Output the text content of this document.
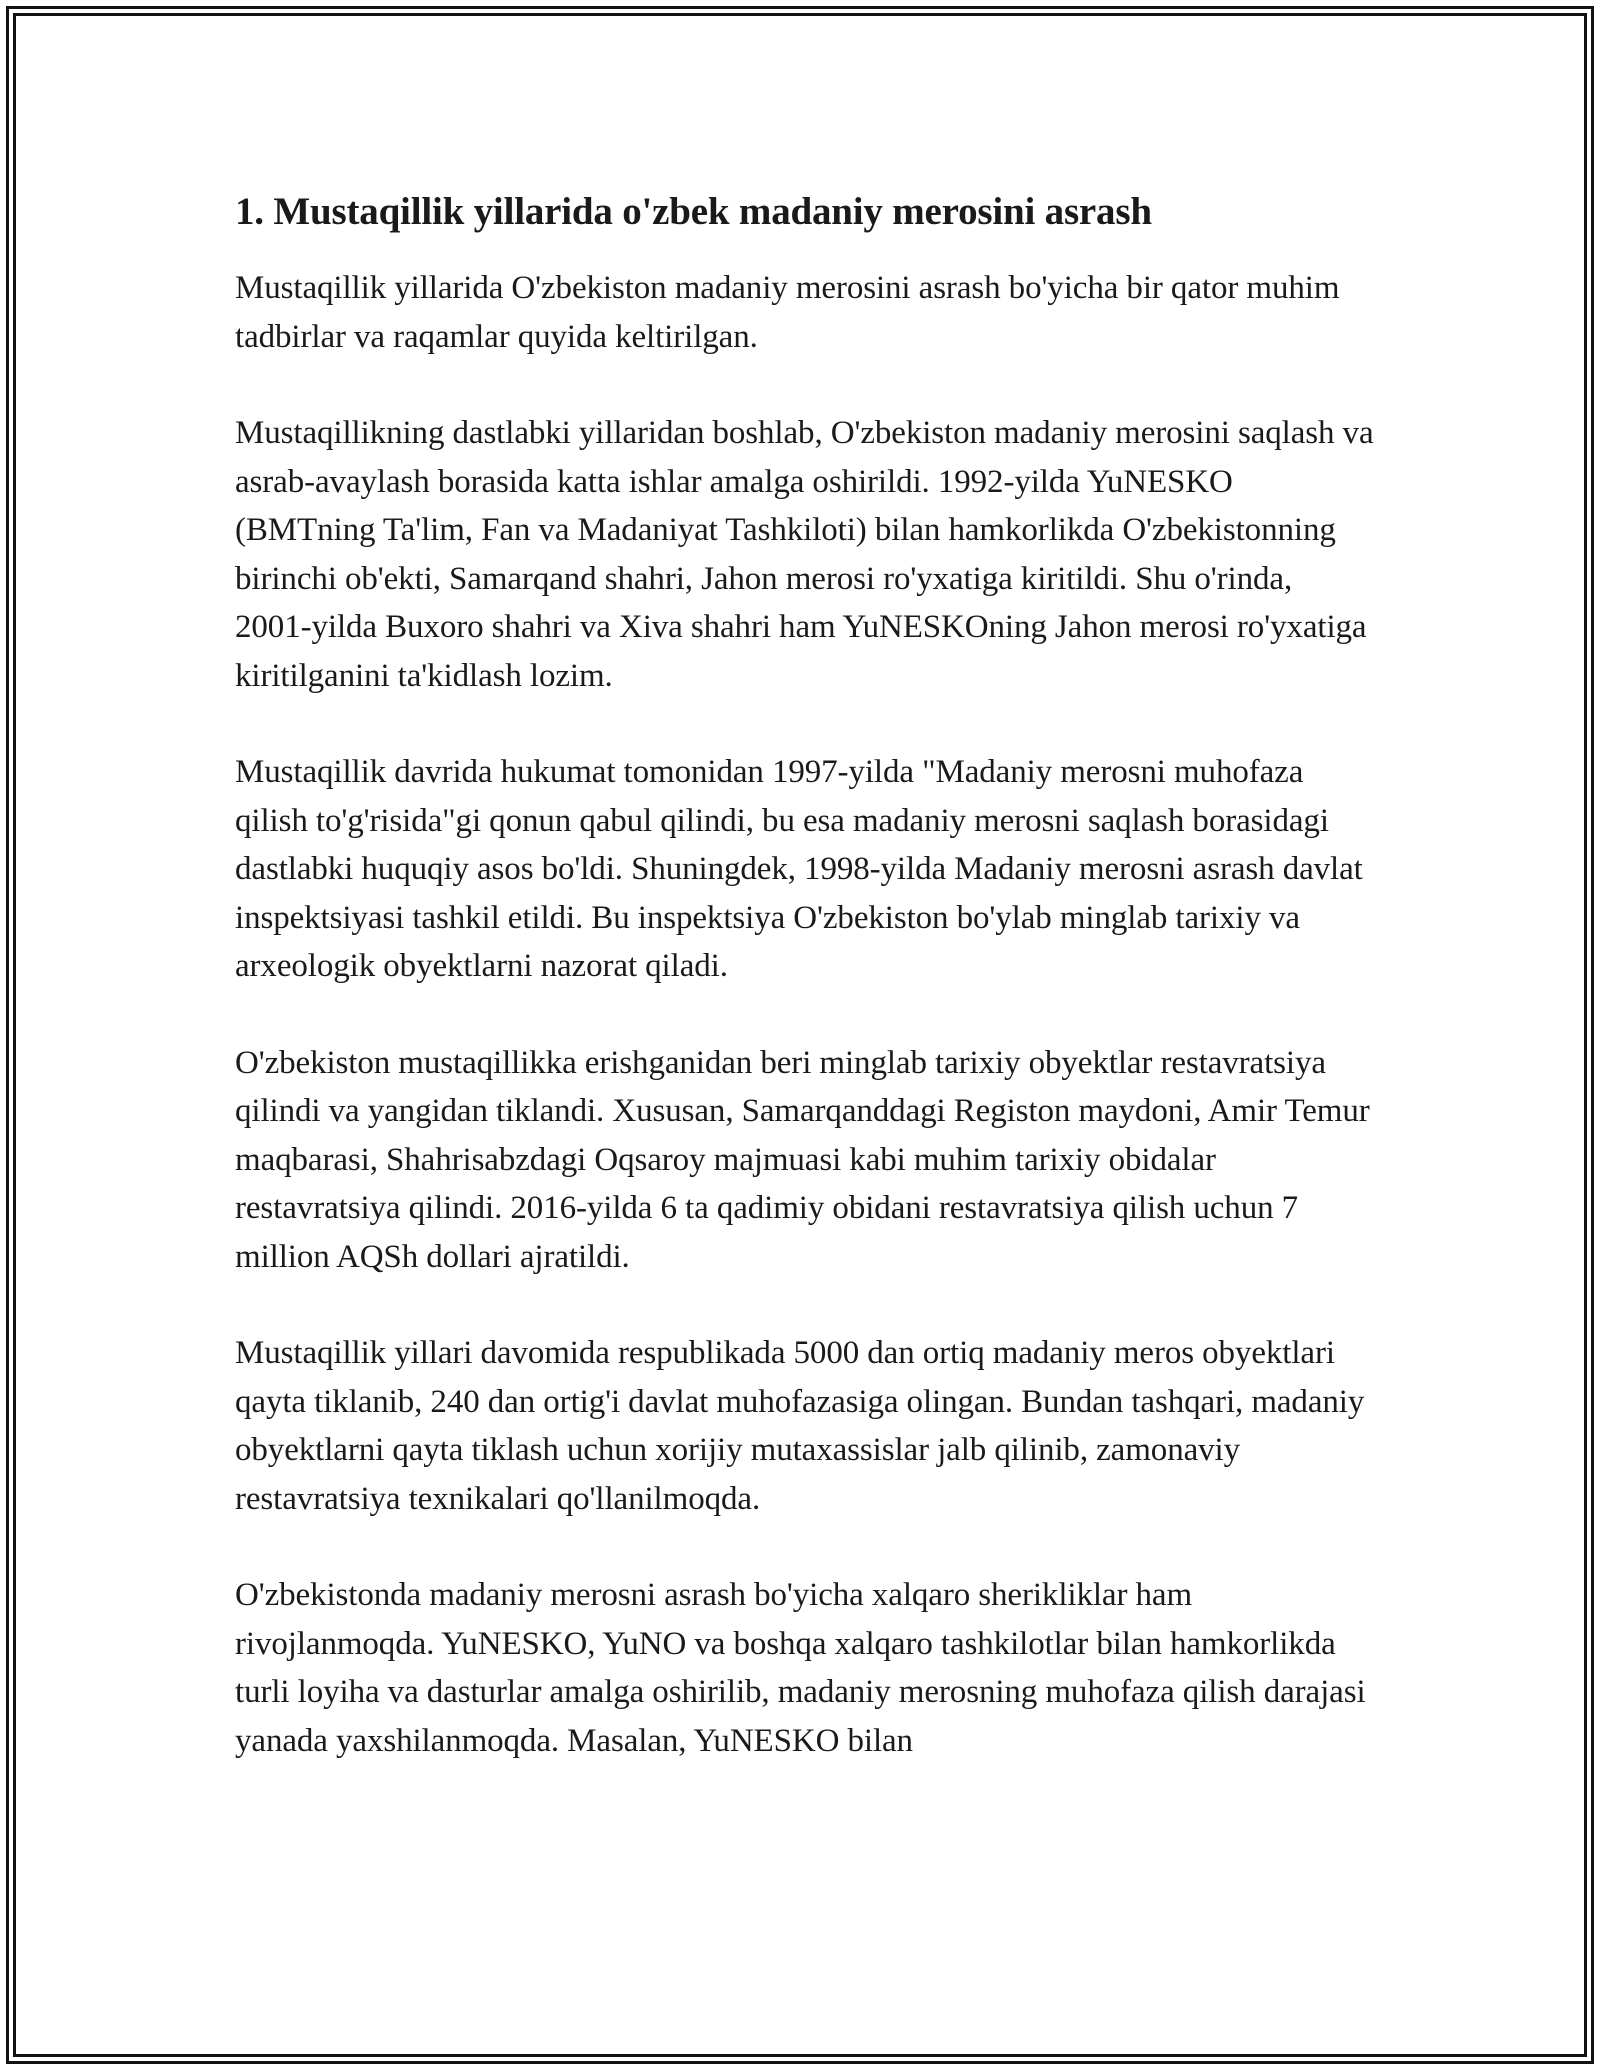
1. Mustaqillik yillarida o'zbek madaniy merosini asrash

Mustaqillik yillarida O'zbekiston madaniy merosini asrash bo'yicha bir qator muhim tadbirlar va raqamlar quyida keltirilgan.

Mustaqillikning dastlabki yillaridan boshlab, O'zbekiston madaniy merosini saqlash va asrab-avaylash borasida katta ishlar amalga oshirildi. 1992-yilda YuNESKO (BMTning Ta'lim, Fan va Madaniyat Tashkiloti) bilan hamkorlikda O'zbekistonning birinchi ob'ekti, Samarqand shahri, Jahon merosi ro'yxatiga kiritildi. Shu o'rinda, 2001-yilda Buxoro shahri va Xiva shahri ham YuNESKOning Jahon merosi ro'yxatiga kiritilganini ta'kidlash lozim.

Mustaqillik davrida hukumat tomonidan 1997-yilda "Madaniy merosni muhofaza qilish to'g'risida"gi qonun qabul qilindi, bu esa madaniy merosni saqlash borasidagi dastlabki huquqiy asos bo'ldi. Shuningdek, 1998-yilda Madaniy merosni asrash davlat inspektsiyasi tashkil etildi. Bu inspektsiya O'zbekiston bo'ylab minglab tarixiy va arxeologik obyektlarni nazorat qiladi.

O'zbekiston mustaqillikka erishganidan beri minglab tarixiy obyektlar restavratsiya qilindi va yangidan tiklandi. Xususan, Samarqanddagi Registon maydoni, Amir Temur maqbarasi, Shahrisabzdagi Oqsaroy majmuasi kabi muhim tarixiy obidalar restavratsiya qilindi. 2016-yilda 6 ta qadimiy obidani restavratsiya qilish uchun 7 million AQSh dollari ajratildi.

Mustaqillik yillari davomida respublikada 5000 dan ortiq madaniy meros obyektlari qayta tiklanib, 240 dan ortig'i davlat muhofazasiga olingan. Bundan tashqari, madaniy obyektlarni qayta tiklash uchun xorijiy mutaxassislar jalb qilinib, zamonaviy restavratsiya texnikalari qo'llanilmoqda.

O'zbekistonda madaniy merosni asrash bo'yicha xalqaro sherikliklar ham rivojlanmoqda. YuNESKO, YuNO va boshqa xalqaro tashkilotlar bilan hamkorlikda turli loyiha va dasturlar amalga oshirilib, madaniy merosning muhofaza qilish darajasi yanada yaxshilanmoqda. Masalan, YuNESKO bilan
